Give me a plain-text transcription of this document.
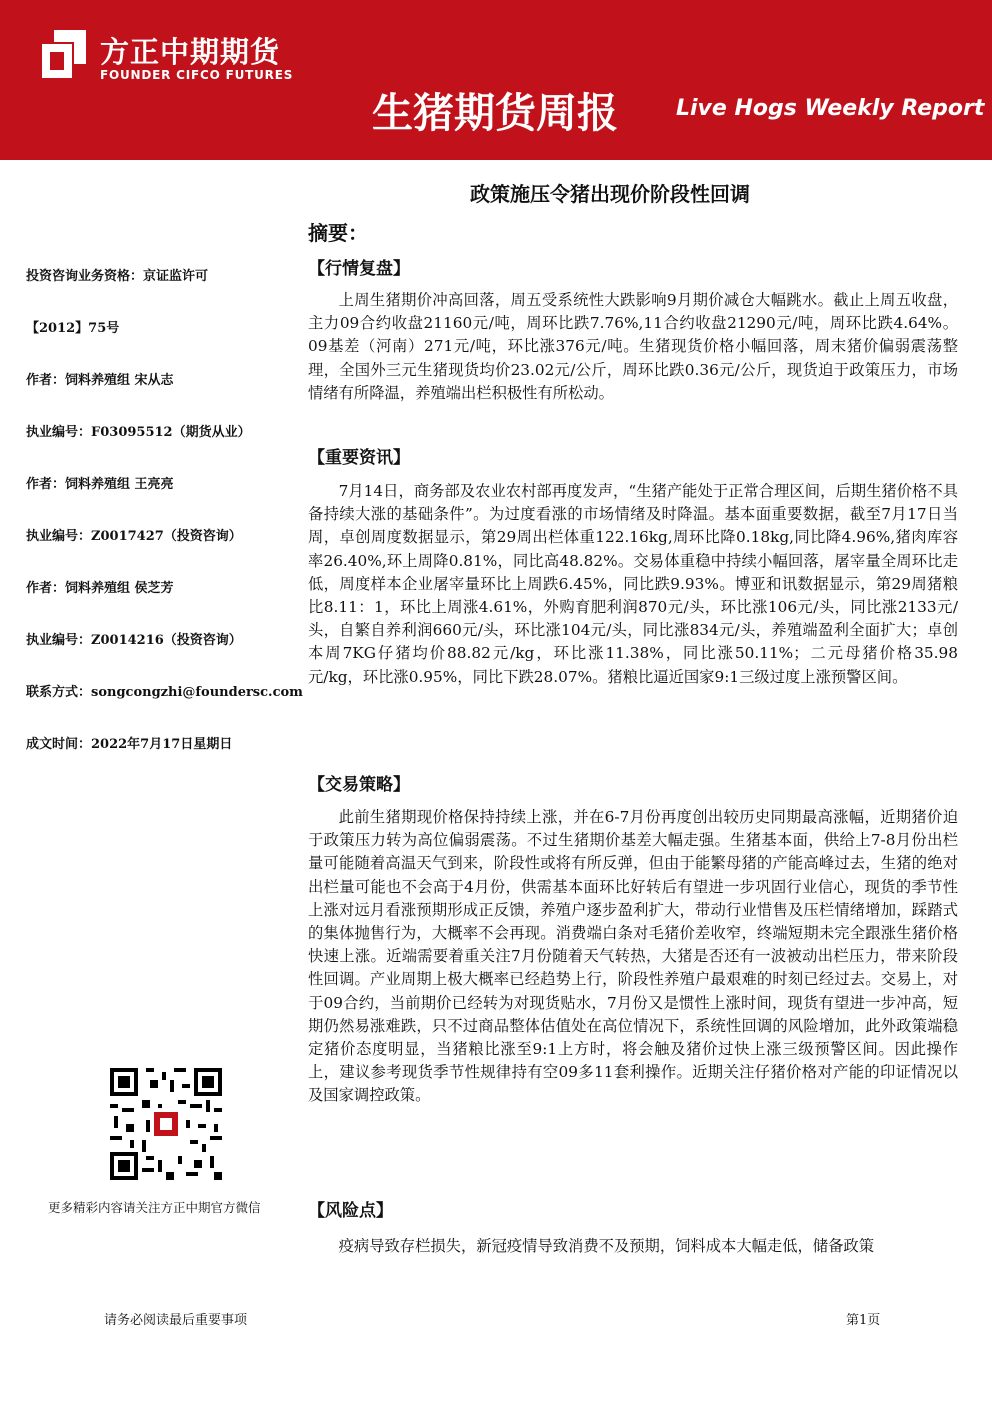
方正中期期货
FOUNDER CIFCO FUTURES
生猪期货周报	Live Hogs Weekly Report
政策施压令猪出现价阶段性回调
摘要：
投资咨询业务资格：京证监许可
【2012】75号
作者：饲料养殖组 宋从志
执业编号：F03095512（期货从业）
作者：饲料养殖组 王亮亮
执业编号：Z0017427（投资咨询）
作者：饲料养殖组 侯芝芳
执业编号：Z0014216（投资咨询）
联系方式：songcongzhi@foundersc.com
成文时间：2022年7月17日星期日
更多精彩内容请关注方正中期官方微信
【行情复盘】

上周生猪期价冲高回落，周五受系统性大跌影响9月期价减仓大幅跳水。截止上周五收盘，主力09合约收盘21160元/吨，周环比跌7.76%,11合约收盘21290元/吨，周环比跌4.64%。09基差（河南）271元/吨，环比涨376元/吨。生猪现货价格小幅回落，周末猪价偏弱震荡整理，全国外三元生猪现货均价23.02元/公斤，周环比跌0.36元/公斤，现货迫于政策压力，市场情绪有所降温，养殖端出栏积极性有所松动。

【重要资讯】

7月14日，商务部及农业农村部再度发声，“生猪产能处于正常合理区间，后期生猪价格不具备持续大涨的基础条件”。为过度看涨的市场情绪及时降温。基本面重要数据，截至7月17日当周，卓创周度数据显示，第29周出栏体重122.16kg,周环比降0.18kg,同比降4.96%,猪肉库容率26.40%,环上周降0.81%，同比高48.82%。交易体重稳中持续小幅回落，屠宰量全周环比走低，周度样本企业屠宰量环比上周跌6.45%，同比跌9.93%。博亚和讯数据显示，第29周猪粮比8.11：1，环比上周涨4.61%，外购育肥利润870元/头，环比涨106元/头，同比涨2133元/头，自繁自养利润660元/头，环比涨104元/头，同比涨834元/头，养殖端盈利全面扩大；卓创本周7KG仔猪均价88.82元/kg，环比涨11.38%，同比涨50.11%；二元母猪价格35.98元/kg，环比涨0.95%，同比下跌28.07%。猪粮比逼近国家9:1三级过度上涨预警区间。

【交易策略】

此前生猪期现价格保持持续上涨，并在6-7月份再度创出较历史同期最高涨幅，近期猪价迫于政策压力转为高位偏弱震荡。不过生猪期价基差大幅走强。生猪基本面，供给上7-8月份出栏量可能随着高温天气到来，阶段性或将有所反弹，但由于能繁母猪的产能高峰过去，生猪的绝对出栏量可能也不会高于4月份，供需基本面环比好转后有望进一步巩固行业信心，现货的季节性上涨对远月看涨预期形成正反馈，养殖户逐步盈利扩大，带动行业惜售及压栏情绪增加，踩踏式的集体抛售行为，大概率不会再现。消费端白条对毛猪价差收窄，终端短期未完全跟涨生猪价格快速上涨。近端需要着重关注7月份随着天气转热，大猪是否还有一波被动出栏压力，带来阶段性回调。产业周期上极大概率已经趋势上行，阶段性养殖户最艰难的时刻已经过去。交易上，对于09合约，当前期价已经转为对现货贴水，7月份又是惯性上涨时间，现货有望进一步冲高，短期仍然易涨难跌，只不过商品整体估值处在高位情况下，系统性回调的风险增加，此外政策端稳定猪价态度明显，当猪粮比涨至9:1上方时，将会触及猪价过快上涨三级预警区间。因此操作上，建议参考现货季节性规律持有空09多11套利操作。近期关注仔猪价格对产能的印证情况以及国家调控政策。

【风险点】

疫病导致存栏损失，新冠疫情导致消费不及预期，饲料成本大幅走低，储备政策

请务必阅读最后重要事项	第1页
